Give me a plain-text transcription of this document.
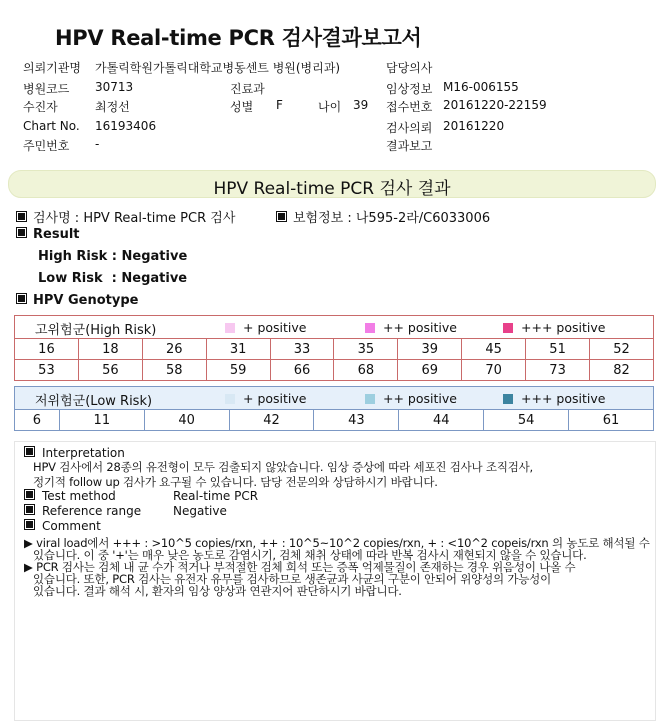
HPV Real-time PCR 검사결과보고서
의뢰기관명 가톨릭학원가톨릭대학교병동센트 병원(병리과)
병원코드 30713	진료과
수진자	최정선	성별 F	나이 39
Chart No. 16193406
주민번호 -
담당의사
임상정보 M16-006155
접수번호 20161220-22159
검사의뢰 20161220
결과보고
HPV Real-time PCR 검사 결과
검사명 : HPV Real-time PCR 검사	보험정보 : 나595-2라/C6033006
Result
High Risk : Negative
Low Risk  : Negative
HPV Genotype
고위험군(High Risk) + positive ++ positive +++ positive									

16	18	26	31	33	35	39	45	51	52
53	56	58	59	66	68	69	70	73	82
저위험군(Low Risk)	+ positive	++ positive	+++ positive

6	11	40	42	43	44	54	61
Interpretation
HPV 검사에서 28종의 유전형이 모두 검출되지 않았습니다. 임상 증상에 따라 세포진 검사나 조직검사,
정기적 follow up 검사가 요구될 수 있습니다. 담당 전문의와 상담하시기 바랍니다.
Test method	Real-time PCR
Reference range	Negative
Comment
▶ viral load에서 +++ : >10^5 copies/rxn, ++ : 10^5~10^2 copies/rxn, + : <10^2 copeis/rxn 의 농도로 해석될 수
있습니다. 이 중 '+'는 매우 낮은 농도로 감염시기, 검체 채취 상태에 따라 반복 검사시 재현되지 않을 수 있습니다.
▶ PCR 검사는 검체 내 균 수가 적거나 부적절한 검체 희석 또는 증폭 억제물질이 존재하는 경우 위음성이 나올 수
있습니다. 또한, PCR 검사는 유전자 유무를 검사하므로 생존균과 사균의 구분이 안되어 위양성의 가능성이
있습니다. 결과 해석 시, 환자의 임상 양상과 연관지어 판단하시기 바랍니다.
